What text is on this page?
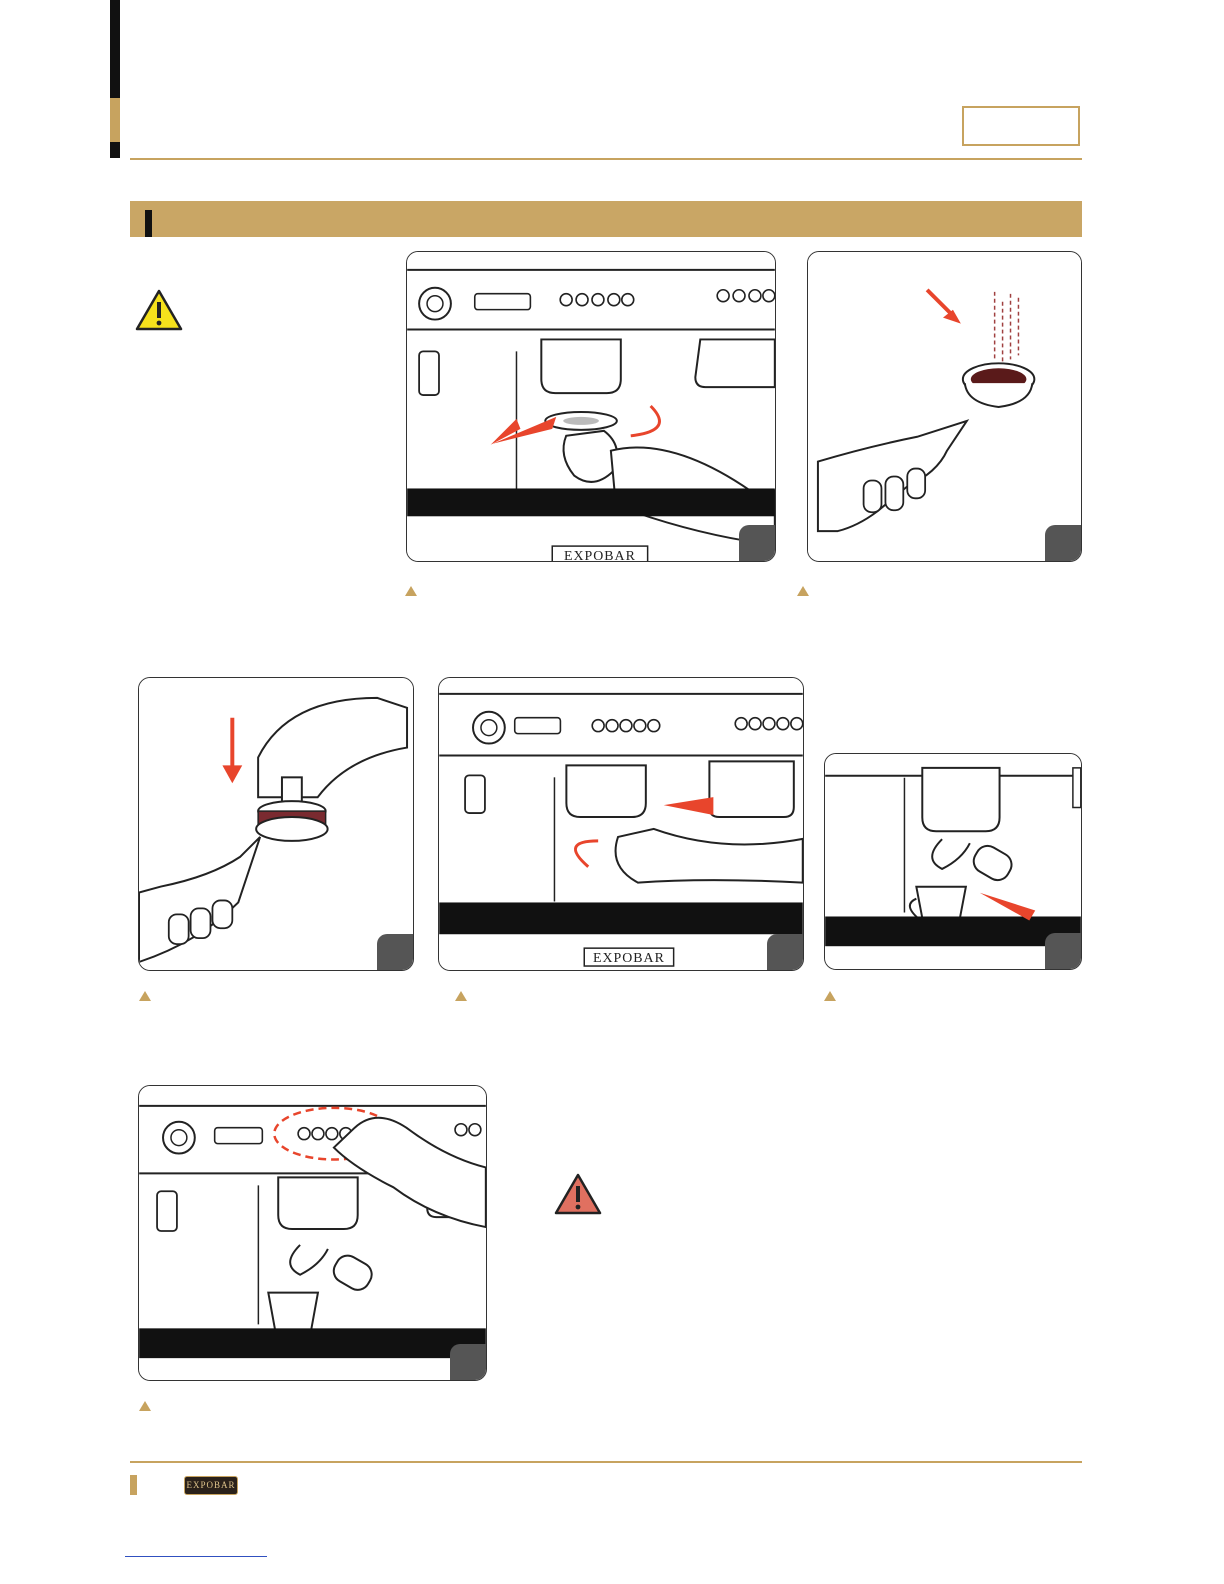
EXPOBAR
EXPOBAR
EXPOBAR
